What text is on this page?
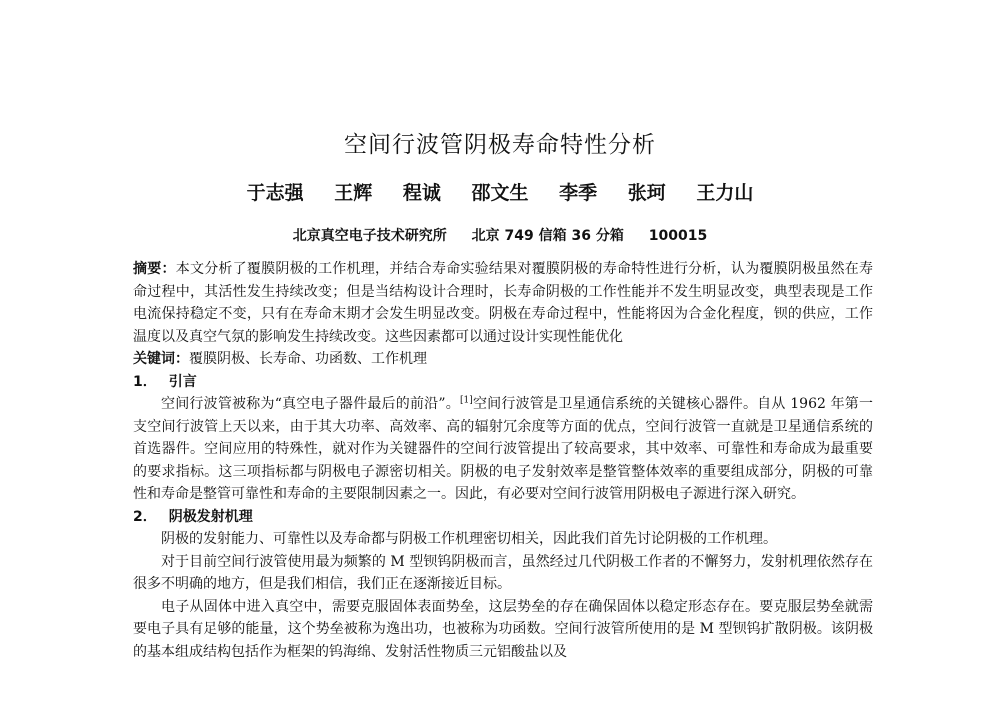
空间行波管阴极寿命特性分析
于志强 王辉 程诚 邵文生 李季 张珂 王力山
北京真空电子技术研究所 北京 749 信箱 36 分箱 100015

摘要：本文分析了覆膜阴极的工作机理，并结合寿命实验结果对覆膜阴极的寿命特性进行分析，认为覆膜阴极虽然在寿命过程中，其活性发生持续改变；但是当结构设计合理时，长寿命阴极的工作性能并不发生明显改变，典型表现是工作电流保持稳定不变，只有在寿命末期才会发生明显改变。阴极在寿命过程中，性能将因为合金化程度，钡的供应，工作温度以及真空气氛的影响发生持续改变。这些因素都可以通过设计实现性能优化

关键词：覆膜阴极、长寿命、功函数、工作机理

1． 引言

空间行波管被称为“真空电子器件最后的前沿”。[1]空间行波管是卫星通信系统的关键核心器件。自从 1962 年第一支空间行波管上天以来，由于其大功率、高效率、高的辐射冗余度等方面的优点，空间行波管一直就是卫星通信系统的首选器件。空间应用的特殊性，就对作为关键器件的空间行波管提出了较高要求，其中效率、可靠性和寿命成为最重要的要求指标。这三项指标都与阴极电子源密切相关。阴极的电子发射效率是整管整体效率的重要组成部分，阴极的可靠性和寿命是整管可靠性和寿命的主要限制因素之一。因此，有必要对空间行波管用阴极电子源进行深入研究。

2． 阴极发射机理

阴极的发射能力、可靠性以及寿命都与阴极工作机理密切相关，因此我们首先讨论阴极的工作机理。

对于目前空间行波管使用最为频繁的 M 型钡钨阴极而言，虽然经过几代阴极工作者的不懈努力，发射机理依然存在很多不明确的地方，但是我们相信，我们正在逐渐接近目标。

电子从固体中进入真空中，需要克服固体表面势垒，这层势垒的存在确保固体以稳定形态存在。要克服层势垒就需要电子具有足够的能量，这个势垒被称为逸出功，也被称为功函数。空间行波管所使用的是 M 型钡钨扩散阴极。该阴极的基本组成结构包括作为框架的钨海绵、发射活性物质三元铝酸盐以及
